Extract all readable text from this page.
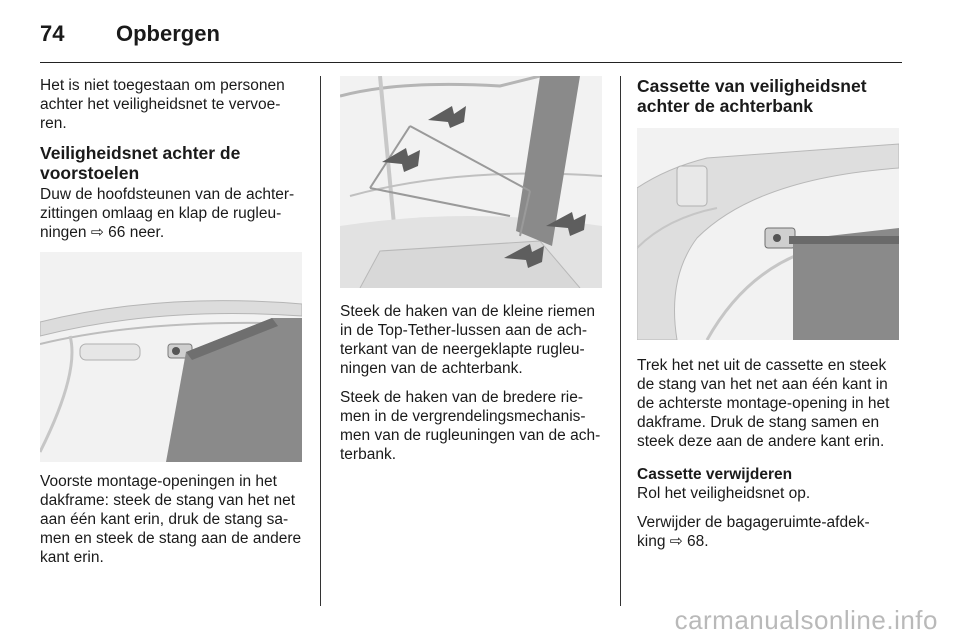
74	Opbergen

Het is niet toegestaan om personen
achter het veiligheidsnet te vervoe-
ren.

Veiligheidsnet achter de
voorstoelen

Duw de hoofdsteunen van de achter-
zittingen omlaag en klap de rugleu-
ningen ⇨ 66 neer.

Voorste montage-openingen in het
dakframe: steek de stang van het net
aan één kant erin, druk de stang sa-
men en steek de stang aan de andere
kant erin.

Steek de haken van de kleine riemen
in de Top-Tether-lussen aan de ach-
terkant van de neergeklapte rugleu-
ningen van de achterbank.

Steek de haken van de bredere rie-
men in de vergrendelingsmechanis-
men van de rugleuningen van de ach-
terbank.

Cassette van veiligheidsnet
achter de achterbank

Trek het net uit de cassette en steek
de stang van het net aan één kant in
de achterste montage-opening in het
dakframe. Druk de stang samen en
steek deze aan de andere kant erin.

Cassette verwijderen

Rol het veiligheidsnet op.

Verwijder de bagageruimte-afdek-
king ⇨ 68.

carmanualsonline.info
